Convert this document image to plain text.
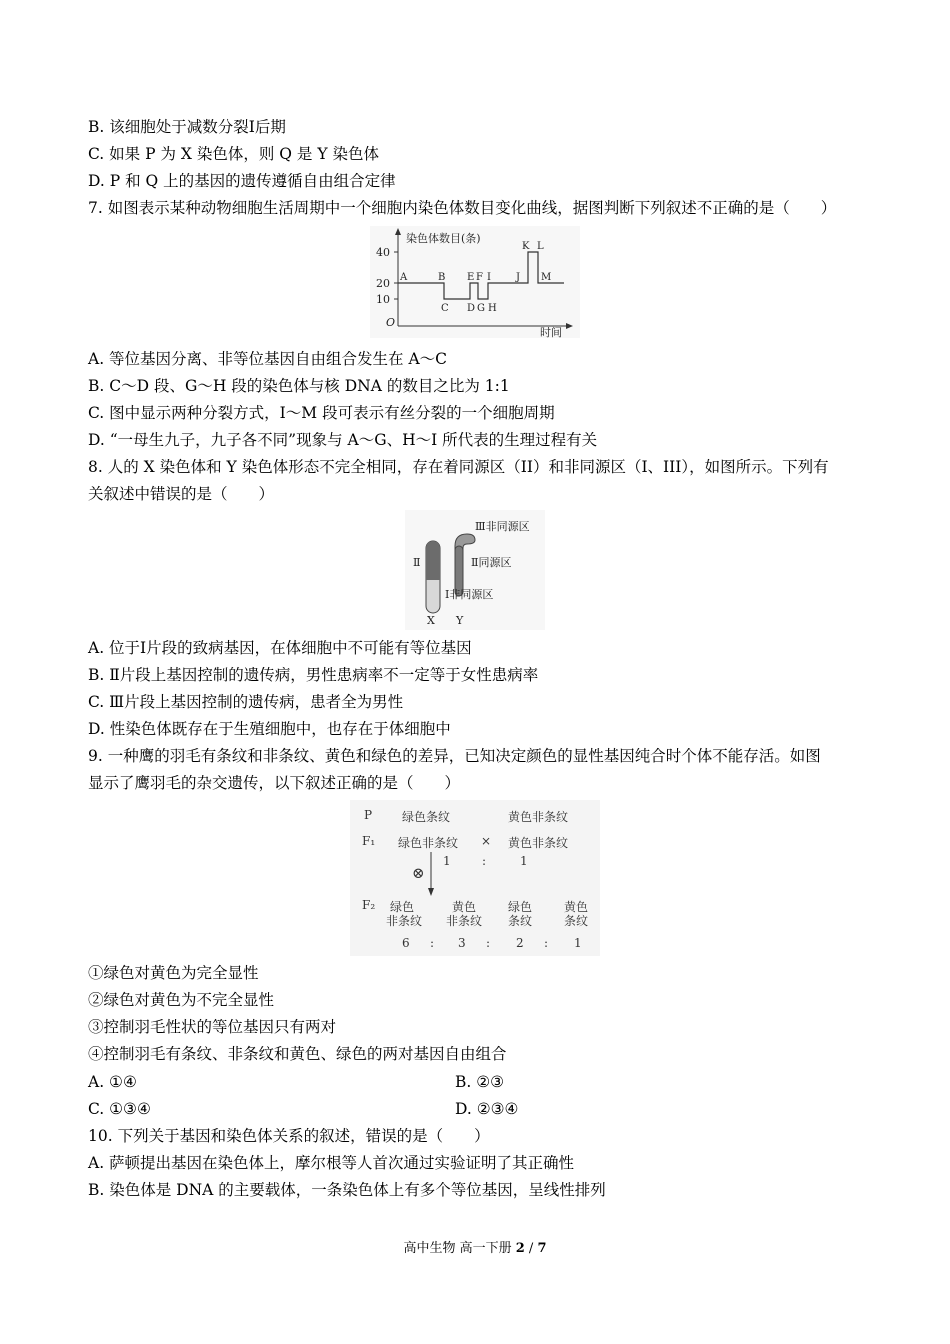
B. 该细胞处于减数分裂Ⅰ后期
C. 如果 P 为 X 染色体，则 Q 是 Y 染色体
D. P 和 Q 上的基因的遗传遵循自由组合定律
7. 如图表示某种动物细胞生活周期中一个细胞内染色体数目变化曲线，据图判断下列叙述不正确的是（　　）
40
20
10
O
染色体数目(条)
时间
A	B E F I	J
K L
M
C D G H
A. 等位基因分离、非等位基因自由组合发生在 A～C
B. C～D 段、G～H 段的染色体与核 DNA 的数目之比为 1:1
C. 图中显示两种分裂方式，I～M 段可表示有丝分裂的一个细胞周期
D. “一母生九子，九子各不同”现象与 A～G、H～I 所代表的生理过程有关
8. 人的 X 染色体和 Y 染色体形态不完全相同，存在着同源区（II）和非同源区（I、III），如图所示。下列有
关叙述中错误的是（　　）
Ⅲ非同源区
Ⅱ同源区
Ⅱ
Ⅰ非同源区
X Y
A. 位于Ⅰ片段的致病基因，在体细胞中不可能有等位基因
B. Ⅱ片段上基因控制的遗传病，男性患病率不一定等于女性患病率
C. Ⅲ片段上基因控制的遗传病，患者全为男性
D. 性染色体既存在于生殖细胞中，也存在于体细胞中
9. 一种鹰的羽毛有条纹和非条纹、黄色和绿色的差异，已知决定颜色的显性基因纯合时个体不能存活。如图
显示了鹰羽毛的杂交遗传，以下叙述正确的是（　　）
P 绿色条纹	黄色非条纹
F₁ 绿色非条纹 × 黄色非条纹
1	:	1
⊗
F₂ 绿色
非条纹
黄色
非条纹
绿色
条纹
黄色
条纹
6 : 3 : 2 : 1
①绿色对黄色为完全显性
②绿色对黄色为不完全显性
③控制羽毛性状的等位基因只有两对
④控制羽毛有条纹、非条纹和黄色、绿色的两对基因自由组合
A. ①④	B. ②③
C. ①③④	D. ②③④
10. 下列关于基因和染色体关系的叙述，错误的是（　　）
A. 萨顿提出基因在染色体上，摩尔根等人首次通过实验证明了其正确性
B. 染色体是 DNA 的主要载体，一条染色体上有多个等位基因，呈线性排列
高中生物 高一下册 2 / 7
